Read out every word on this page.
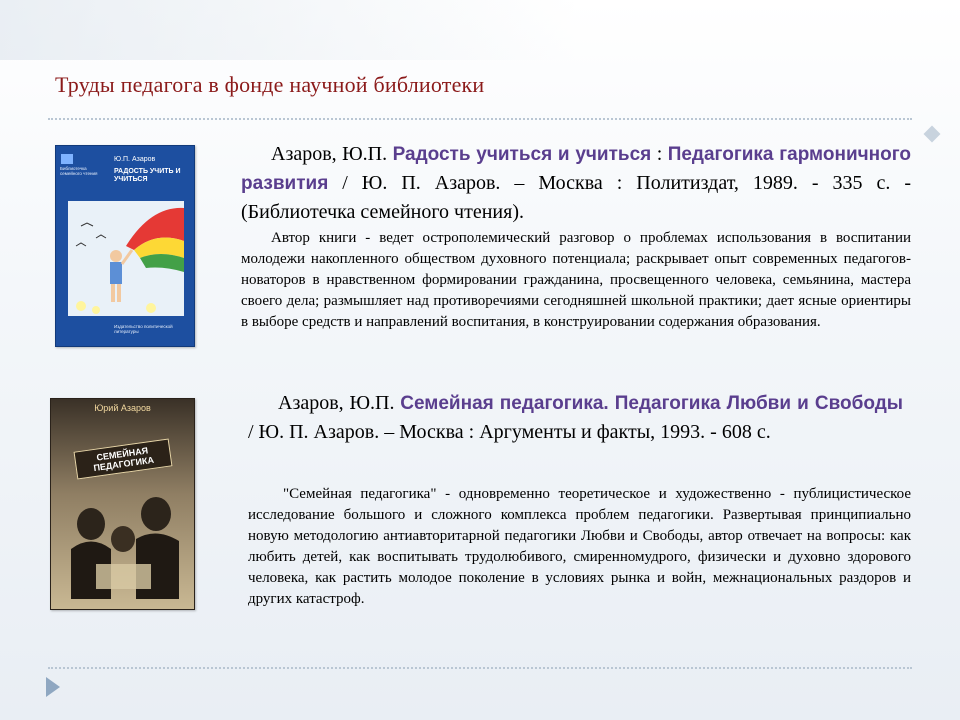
Труды педагога в фонде научной библиотеки
Ю.П. Азаров
РАДОСТЬ УЧИТЬ И УЧИТЬСЯ
Библиотечка семейного чтения
Издательство политической литературы
Азаров, Ю.П. Радость учиться и учиться : Педагогика гармоничного развития / Ю. П. Азаров. – Москва : Политиздат, 1989. - 335 с. - (Библиотечка семейного чтения).
Автор книги - ведет острополемический разговор о проблемах использования в воспитании молодежи накопленного обществом духовного потенциала; раскрывает опыт современных педагогов-новаторов в нравственном формировании гражданина, просвещенного человека, семьянина, мастера своего дела; размышляет над противоречиями сегодняшней школьной практики; дает ясные ориентиры в выборе средств и направлений воспитания, в конструировании содержания образования.
Юрий Азаров
СЕМЕЙНАЯ ПЕДАГОГИКА
Азаров, Ю.П. Семейная педагогика. Педагогика Любви и Свободы / Ю. П. Азаров. – Москва : Аргументы и факты, 1993. - 608 с.
"Семейная педагогика" - одновременно теоретическое и художественно - публицистическое исследование большого и сложного комплекса проблем педагогики. Развертывая принципиально новую методологию антиавторитарной педагогики Любви и Свободы, автор отвечает на вопросы: как любить детей, как воспитывать трудолюбивого, смиренномудрого, физически и духовно здорового человека, как растить молодое поколение в условиях рынка и войн, межнациональных раздоров и других катастроф.
